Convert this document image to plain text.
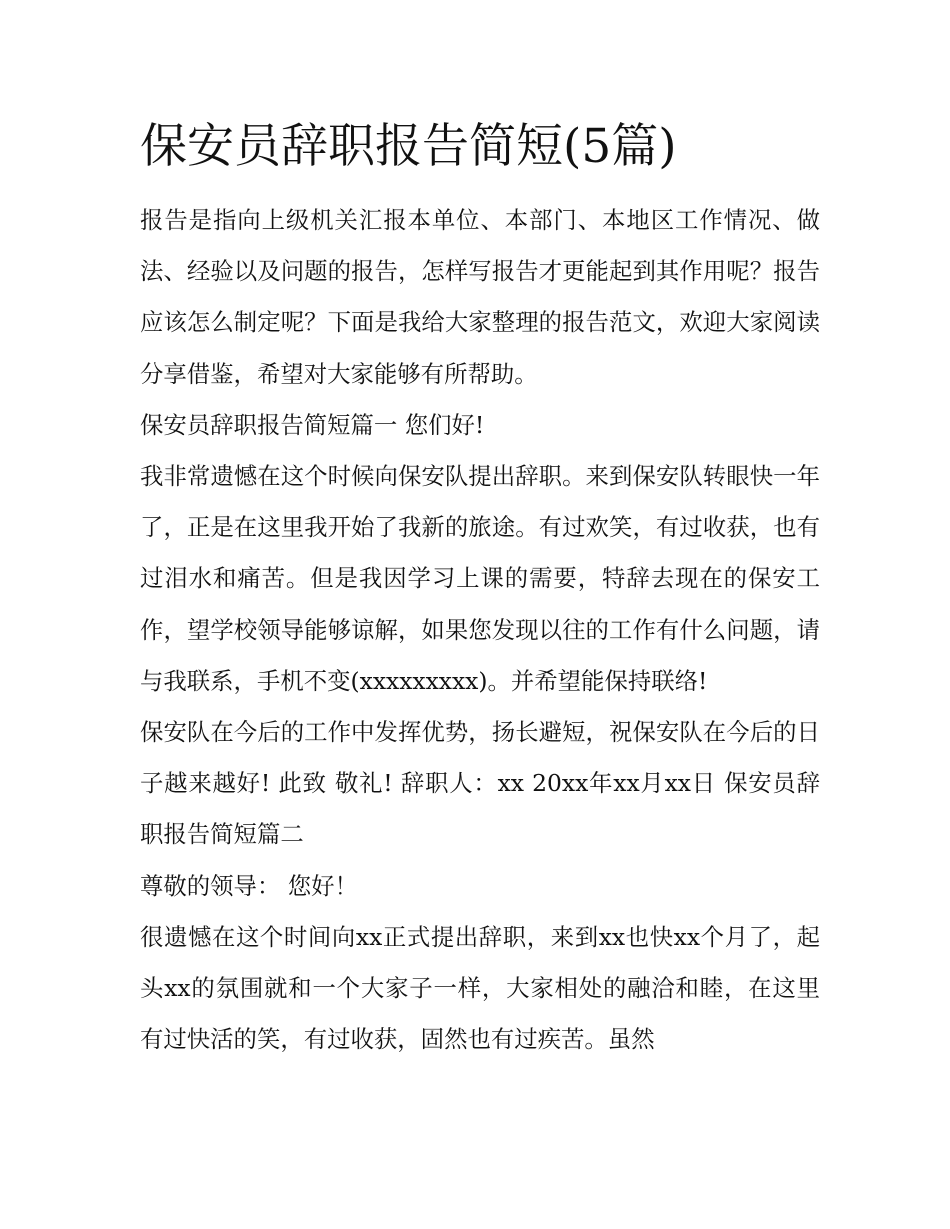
保安员辞职报告简短(5篇)

报告是指向上级机关汇报本单位、本部门、本地区工作情况、做法、经验以及问题的报告，怎样写报告才更能起到其作用呢？报告应该怎么制定呢？下面是我给大家整理的报告范文，欢迎大家阅读分享借鉴，希望对大家能够有所帮助。

保安员辞职报告简短篇一 您们好!

我非常遗憾在这个时候向保安队提出辞职。来到保安队转眼快一年了，正是在这里我开始了我新的旅途。有过欢笑，有过收获，也有过泪水和痛苦。但是我因学习上课的需要，特辞去现在的保安工作，望学校领导能够谅解，如果您发现以往的工作有什么问题，请与我联系，手机不变(xxxxxxxxx)。并希望能保持联络!

保安队在今后的工作中发挥优势，扬长避短，祝保安队在今后的日子越来越好! 此致 敬礼! 辞职人：xx 20xx年xx月xx日 保安员辞职报告简短篇二

尊敬的领导： 您好！

很遗憾在这个时间向xx正式提出辞职，来到xx也快xx个月了，起头xx的氛围就和一个大家子一样，大家相处的融洽和睦，在这里有过快活的笑，有过收获，固然也有过疾苦。虽然
